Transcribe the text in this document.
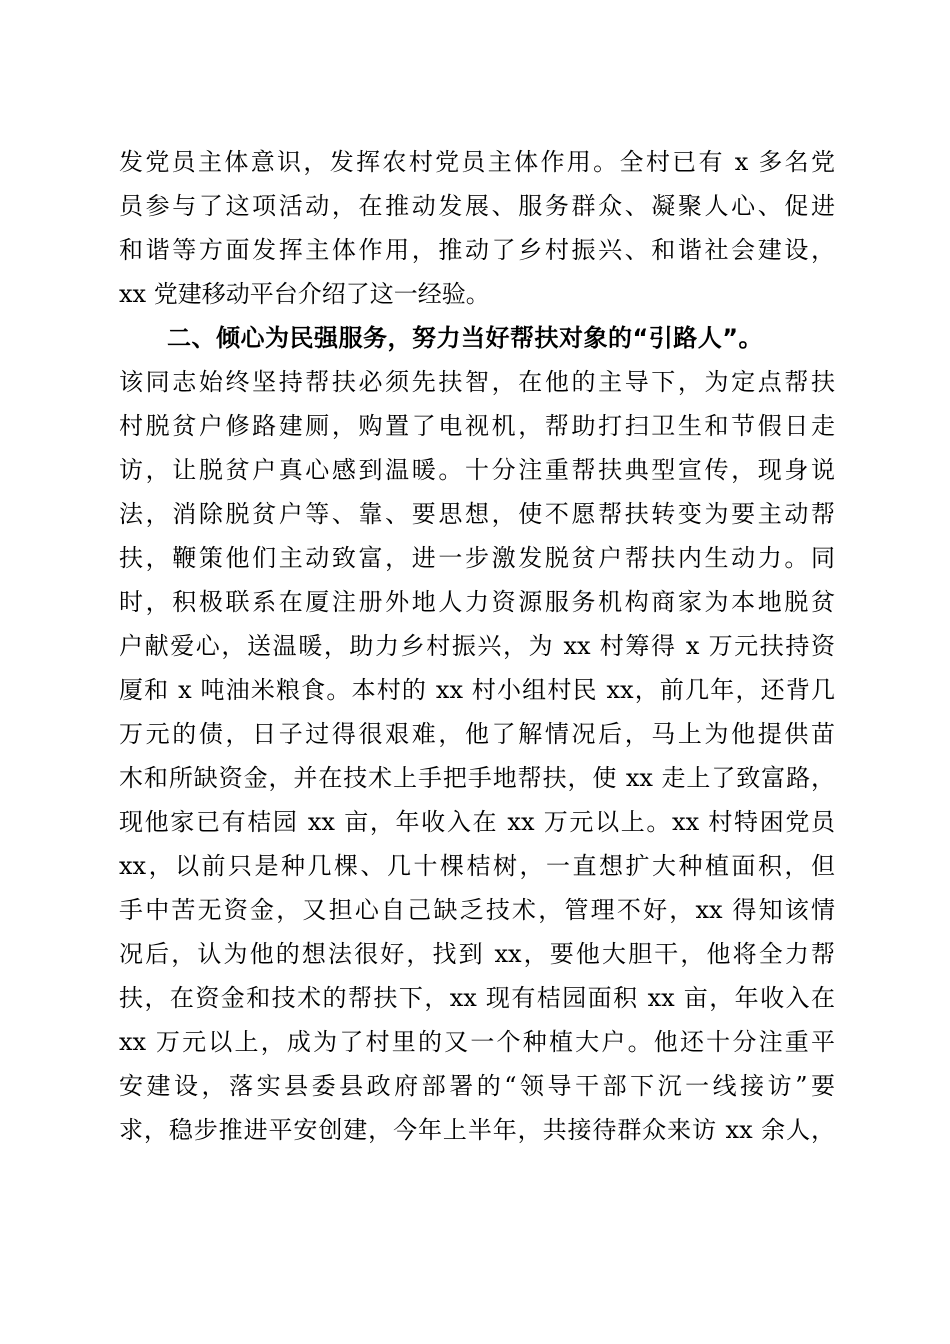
发党员主体意识，发挥农村党员主体作用。全村已有 x 多名党
员参与了这项活动，在推动发展、服务群众、凝聚人心、促进
和谐等方面发挥主体作用，推动了乡村振兴、和谐社会建设，
xx 党建移动平台介绍了这一经验。
二、倾心为民强服务，努力当好帮扶对象的“引路人”。
该同志始终坚持帮扶必须先扶智，在他的主导下，为定点帮扶
村脱贫户修路建厕，购置了电视机，帮助打扫卫生和节假日走
访，让脱贫户真心感到温暖。十分注重帮扶典型宣传，现身说
法，消除脱贫户等、靠、要思想，使不愿帮扶转变为要主动帮
扶，鞭策他们主动致富，进一步激发脱贫户帮扶内生动力。同
时，积极联系在厦注册外地人力资源服务机构商家为本地脱贫
户献爱心，送温暖，助力乡村振兴，为 xx 村筹得 x 万元扶持资
厦和 x 吨油米粮食。本村的 xx 村小组村民 xx，前几年，还背几
万元的债，日子过得很艰难，他了解情况后，马上为他提供苗
木和所缺资金，并在技术上手把手地帮扶，使 xx 走上了致富路，
现他家已有桔园 xx 亩，年收入在 xx 万元以上。xx 村特困党员
xx，以前只是种几棵、几十棵桔树，一直想扩大种植面积，但
手中苦无资金，又担心自己缺乏技术，管理不好，xx 得知该情
况后，认为他的想法很好，找到 xx，要他大胆干，他将全力帮
扶，在资金和技术的帮扶下，xx 现有桔园面积 xx 亩，年收入在
xx 万元以上，成为了村里的又一个种植大户。他还十分注重平
安建设，落实县委县政府部署的“领导干部下沉一线接访”要
求，稳步推进平安创建，今年上半年，共接待群众来访 xx 余人，
